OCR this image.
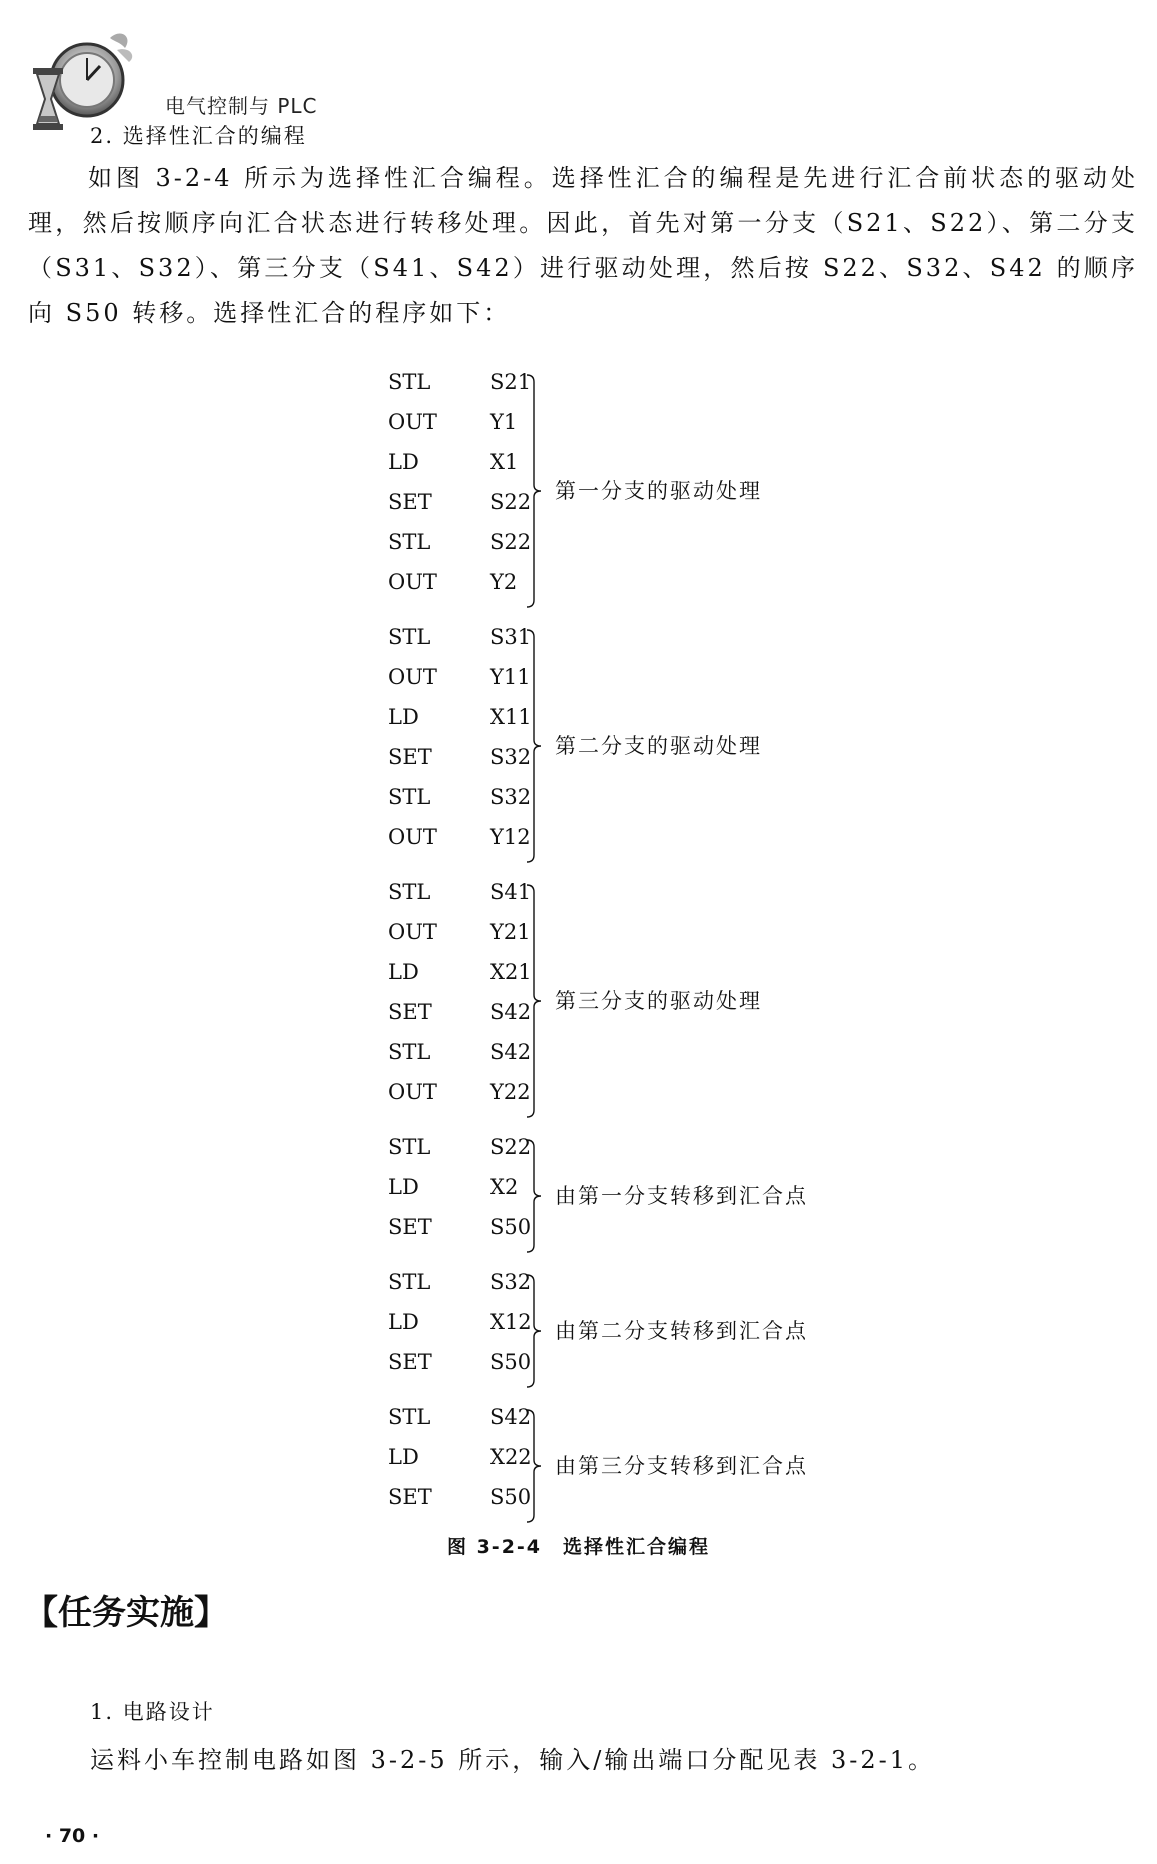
电气控制与 PLC
2. 选择性汇合的编程

如图 3-2-4 所示为选择性汇合编程。选择性汇合的编程是先进行汇合前状态的驱动处理，然后按顺序向汇合状态进行转移处理。因此，首先对第一分支（S21、S22）、第二分支（S31、S32）、第三分支（S41、S42）进行驱动处理，然后按 S22、S32、S42 的顺序向 S50 转移。选择性汇合的程序如下：

STL	S21
OUT	Y1
LD	X1
SET	S22
STL	S22
OUT	Y2
第一分支的驱动处理
STL	S31
OUT	Y11
LD	X11
SET	S32
STL	S32
OUT	Y12
第二分支的驱动处理
STL	S41
OUT	Y21
LD	X21
SET	S42
STL	S42
OUT	Y22
第三分支的驱动处理
STL	S22
LD	X2
SET	S50
由第一分支转移到汇合点
STL	S32
LD	X12
SET	S50
由第二分支转移到汇合点
STL	S42
LD	X22
SET	S50
由第三分支转移到汇合点
图 3-2-4　选择性汇合编程
【任务实施】
1. 电路设计
运料小车控制电路如图 3-2-5 所示，输入/输出端口分配见表 3-2-1。
· 70 ·
